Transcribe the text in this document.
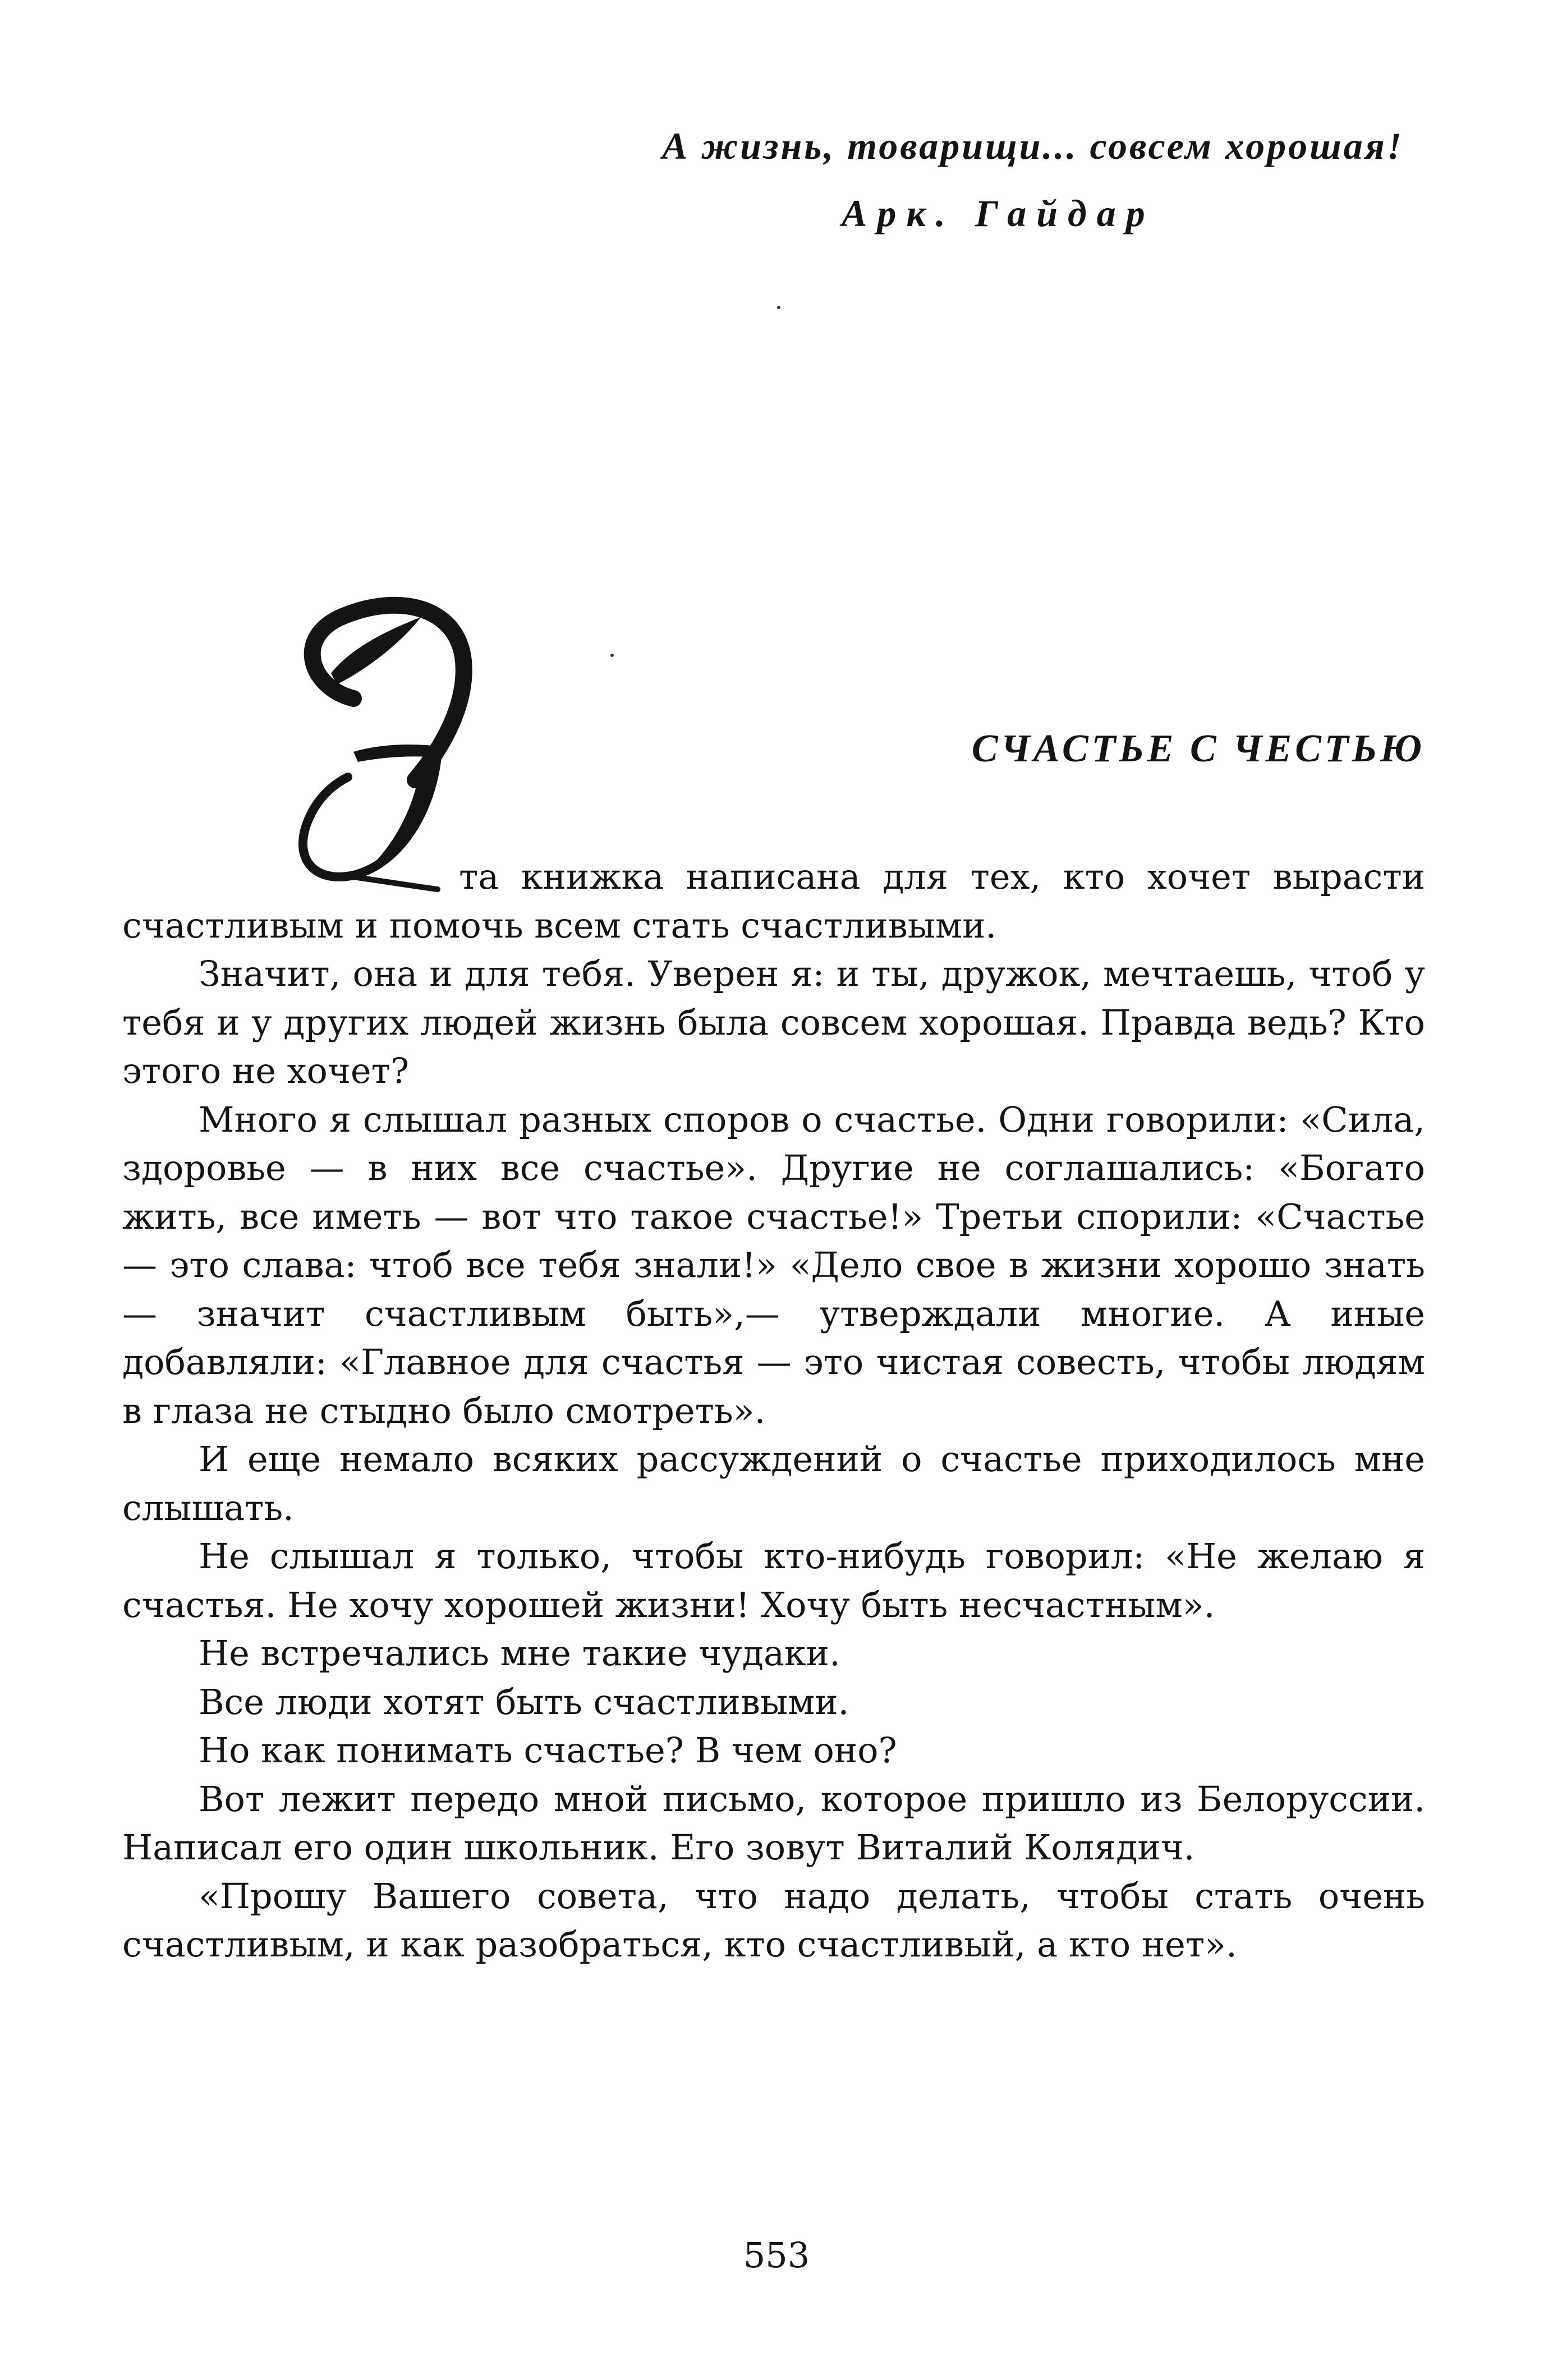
А жизнь, товарищи... совсем хорошая!
Арк. Гайдар
СЧАСТЬЕ С ЧЕСТЬЮ

та книжка написана для тех, кто хочет вырасти счастливым и помочь всем стать счастливыми.

Значит, она и для тебя. Уверен я: и ты, дружок, мечтаешь, чтоб у тебя и у других людей жизнь была совсем хорошая. Правда ведь? Кто этого не хочет?

Много я слышал разных споров о счастье. Одни говорили: «Сила, здоровье — в них все счастье». Другие не соглашались: «Богато жить, все иметь — вот что такое счастье!» Третьи спорили: «Счастье — это слава: чтоб все тебя знали!» «Дело свое в жизни хорошо знать — значит счастливым быть»,— утверждали многие. А иные добавляли: «Главное для счастья — это чистая совесть, чтобы людям в глаза не стыдно было смотреть».

И еще немало всяких рассуждений о счастье приходилось мне слышать.

Не слышал я только, чтобы кто-нибудь говорил: «Не желаю я счастья. Не хочу хорошей жизни! Хочу быть несчастным».

Не встречались мне такие чудаки.

Все люди хотят быть счастливыми.

Но как понимать счастье? В чем оно?

Вот лежит передо мной письмо, которое пришло из Белоруссии. Написал его один школьник. Его зовут Виталий Колядич.

«Прошу Вашего совета, что надо делать, чтобы стать очень счастливым, и как разобраться, кто счастливый, а кто нет».

553
